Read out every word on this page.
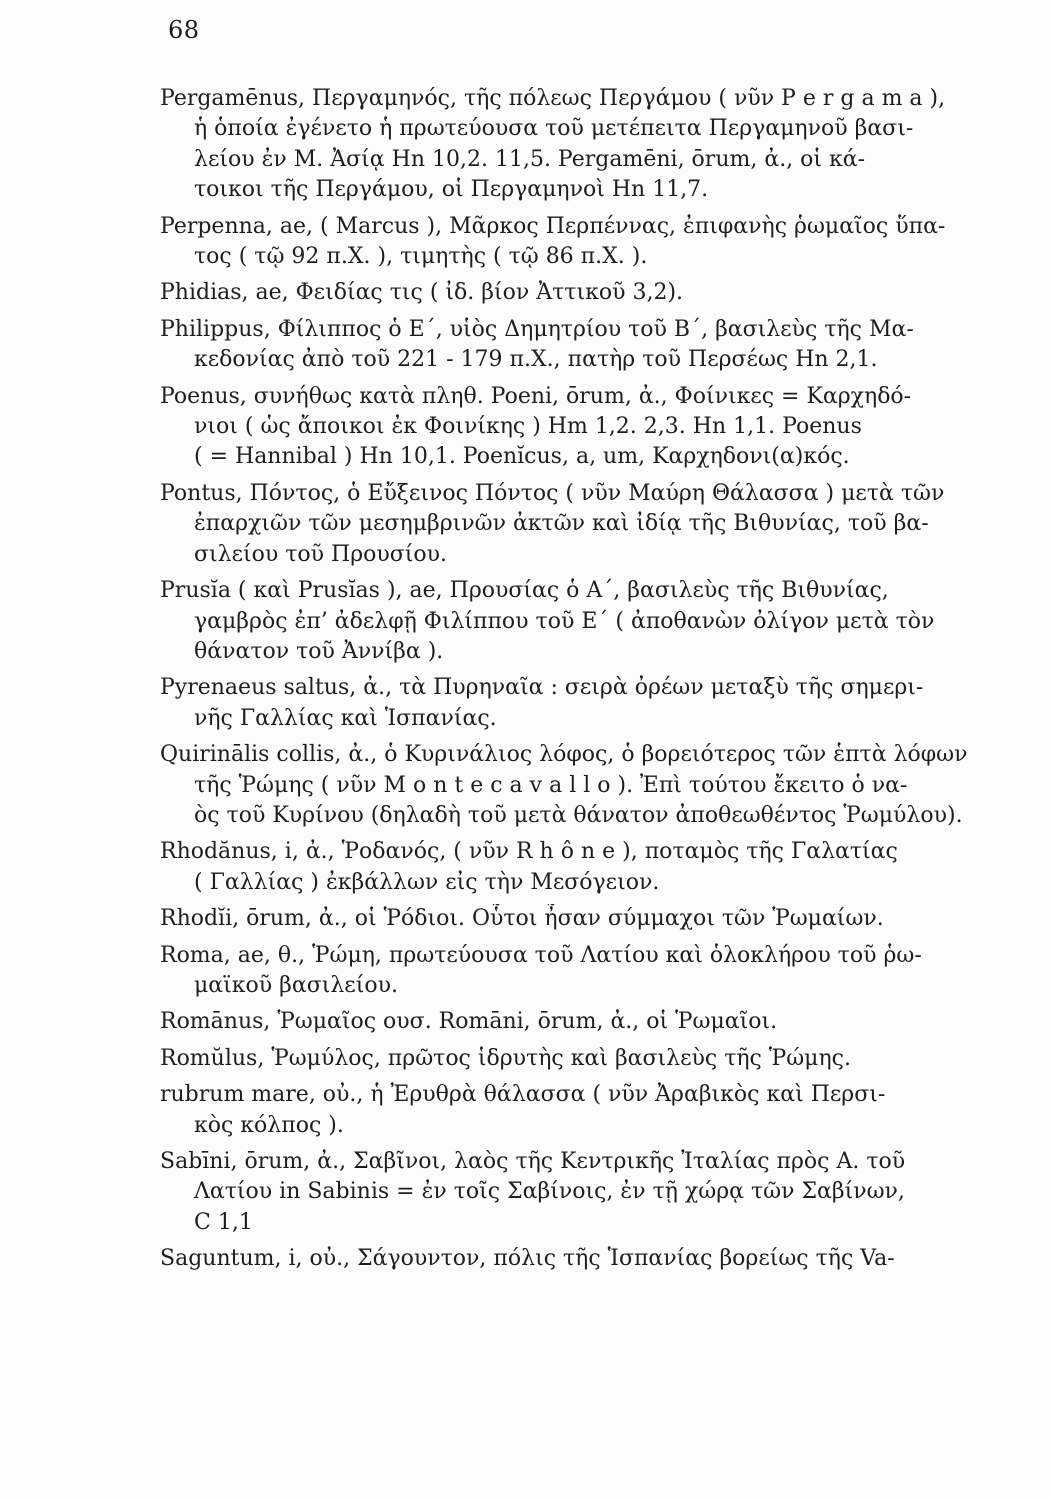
68
Pergamēnus, Περγαμηνός, τῆς πόλεως Περγάμου ( νῦν P e r g a m a ),
ἡ ὁποία ἐγένετο ἡ πρωτεύουσα τοῦ μετέπειτα Περγαμηνοῦ βασι-
λείου ἐν Μ. Ἀσίᾳ Hn 10,2. 11,5. Pergamēni, ōrum, ἀ., οἱ κά-
τοικοι τῆς Περγάμου, οἱ Περγαμηνοὶ Hn 11,7.
Perpenna, ae, ( Marcus ), Μᾶρκος Περπέννας, ἐπιφανὴς ῥωμαῖος ὕπα-
τος ( τῷ 92 π.Χ. ), τιμητὴς ( τῷ 86 π.Χ. ).
Phidias, ae, Φειδίας τις ( ἰδ. βίον Ἀττικοῦ 3,2).
Philippus, Φίλιππος ὁ Ε΄, υἱὸς Δημητρίου τοῦ Β΄, βασιλεὺς τῆς Μα-
κεδονίας ἀπὸ τοῦ 221 - 179 π.Χ., πατὴρ τοῦ Περσέως Hn 2,1.
Poenus, συνήθως κατὰ πληθ. Poeni, ōrum, ἀ., Φοίνικες = Καρχηδό-
νιοι ( ὡς ἄποικοι ἐκ Φοινίκης ) Hm 1,2. 2,3. Hn 1,1. Poenus
( = Hannibal ) Hn 10,1. Poenĭcus, a, um, Καρχηδονι(α)κός.
Pontus, Πόντος, ὁ Εὔξεινος Πόντος ( νῦν Μαύρη Θάλασσα ) μετὰ τῶν
ἐπαρχιῶν τῶν μεσημβρινῶν ἀκτῶν καὶ ἰδίᾳ τῆς Βιθυνίας, τοῦ βα-
σιλείου τοῦ Προυσίου.
Prusĭa ( καὶ Prusĭas ), ae, Προυσίας ὁ Α΄, βασιλεὺς τῆς Βιθυνίας,
γαμβρὸς ἐπ’ ἀδελφῇ Φιλίππου τοῦ Ε΄ ( ἀποθανὼν ὀλίγον μετὰ τὸν
θάνατον τοῦ Ἀννίβα ).
Pyrenaeus saltus, ἀ., τὰ Πυρηναῖα : σειρὰ ὀρέων μεταξὺ τῆς σημερι-
νῆς Γαλλίας καὶ Ἱσπανίας.
Quirinālis collis, ἀ., ὁ Κυρινάλιος λόφος, ὁ βορειότερος τῶν ἑπτὰ λόφων
τῆς Ῥώμης ( νῦν M o n t e c a v a l l o ). Ἐπὶ τούτου ἔκειτο ὁ να-
ὸς τοῦ Κυρίνου (δηλαδὴ τοῦ μετὰ θάνατον ἀποθεωθέντος Ῥωμύλου).
Rhodănus, i, ἀ., Ῥοδανός, ( νῦν R h ô n e ), ποταμὸς τῆς Γαλατίας
( Γαλλίας ) ἐκβάλλων εἰς τὴν Μεσόγειον.
Rhodĭi, ōrum, ἀ., οἱ Ῥόδιοι. Οὗτοι ἦσαν σύμμαχοι τῶν Ῥωμαίων.
Roma, ae, θ., Ῥώμη, πρωτεύουσα τοῦ Λατίου καὶ ὁλοκλήρου τοῦ ῥω-
μαϊκοῦ βασιλείου.
Romānus, Ῥωμαῖος ουσ. Romāni, ōrum, ἀ., οἱ Ῥωμαῖοι.
Romŭlus, Ῥωμύλος, πρῶτος ἱδρυτὴς καὶ βασιλεὺς τῆς Ῥώμης.
rubrum mare, οὐ., ἡ Ἐρυθρὰ θάλασσα ( νῦν Ἀραβικὸς καὶ Περσι-
κὸς κόλπος ).
Sabīni, ōrum, ἀ., Σαβῖνοι, λαὸς τῆς Κεντρικῆς Ἰταλίας πρὸς Α. τοῦ
Λατίου in Sabinis = ἐν τοῖς Σαβίνοις, ἐν τῇ χώρᾳ τῶν Σαβίνων,
C 1,1
Saguntum, i, οὐ., Σάγουντον, πόλις τῆς Ἱσπανίας βορείως τῆς Va-
